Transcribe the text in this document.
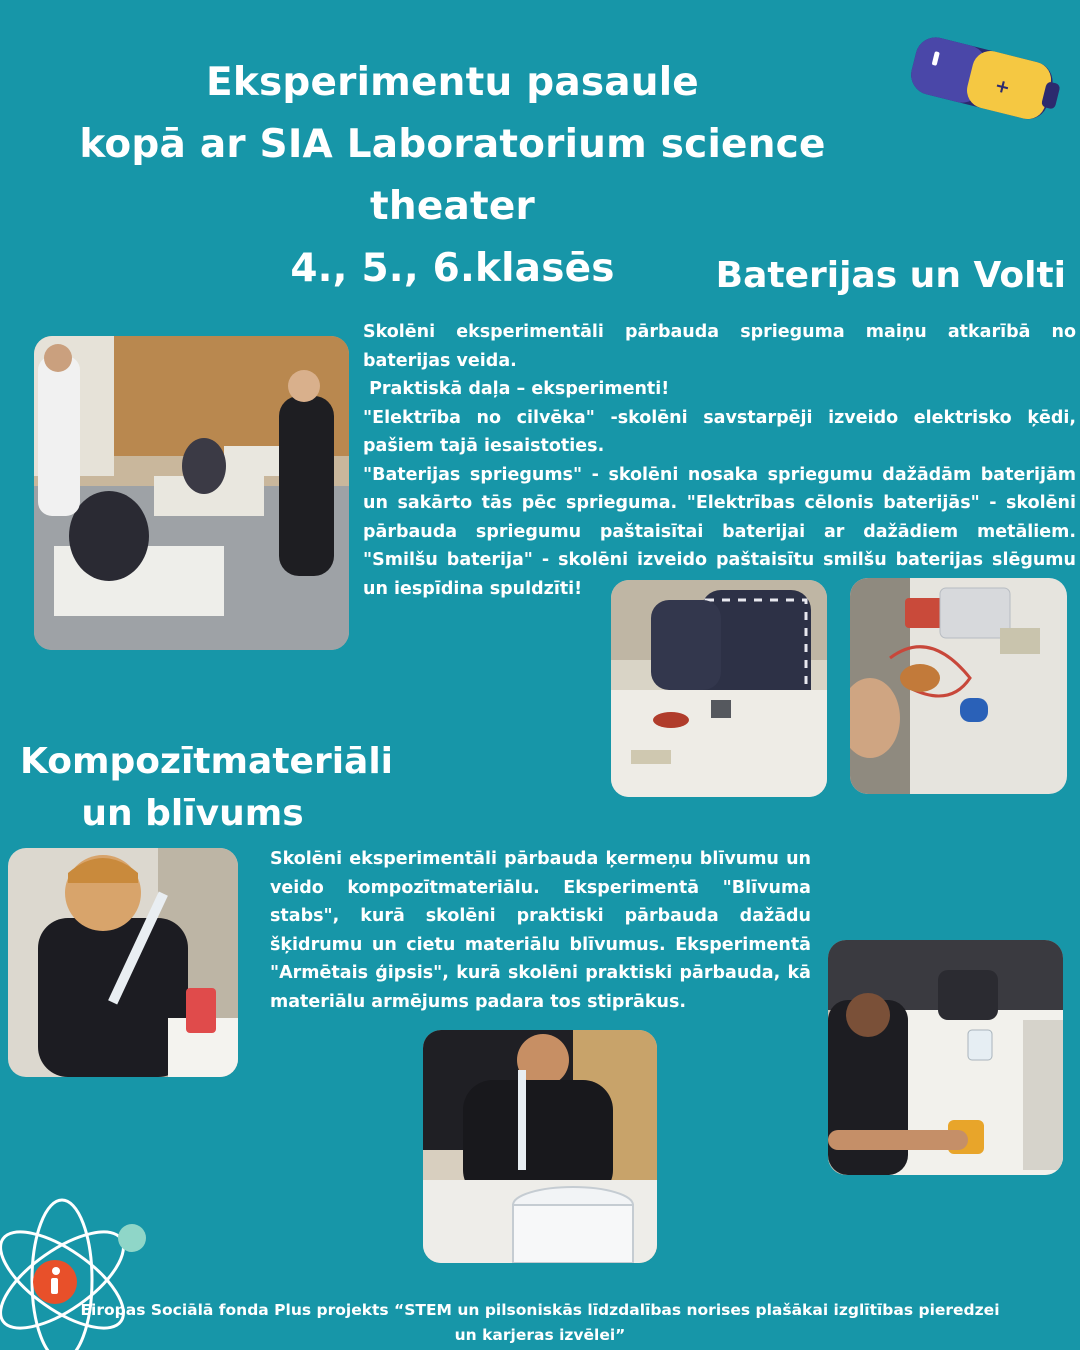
Eksperimentu pasaule
kopā ar SIA Laboratorium science theater
4., 5., 6.klasēs
+
Baterijas un Volti

Skolēni eksperimentāli pārbauda sprieguma maiņu atkarībā no baterijas veida.

Praktiskā daļa – eksperimenti!

"Elektrība no cilvēka" -skolēni savstarpēji izveido elektrisko ķēdi, pašiem tajā iesaistoties.

"Baterijas spriegums" - skolēni nosaka spriegumu dažādām baterijām un sakārto tās pēc sprieguma. "Elektrības cēlonis baterijās" - skolēni pārbauda spriegumu paštaisītai baterijai ar dažādiem metāliem. "Smilšu baterija" - skolēni izveido paštaisītu smilšu baterijas slēgumu un iespīdina spuldzīti!

Kompozītmateriāli
un blīvums

Skolēni eksperimentāli pārbauda ķermeņu blīvumu un veido kompozītmateriālu. Eksperimentā "Blīvuma stabs", kurā skolēni praktiski pārbauda dažādu šķidrumu un cietu materiālu blīvumus. Eksperimentā "Armētais ģipsis", kurā skolēni praktiski pārbauda, kā materiālu armējums padara tos stiprākus.

Eiropas Sociālā fonda Plus projekts “STEM un pilsoniskās līdzdalības norises plašākai izglītības pieredzei

un karjeras izvēlei”
